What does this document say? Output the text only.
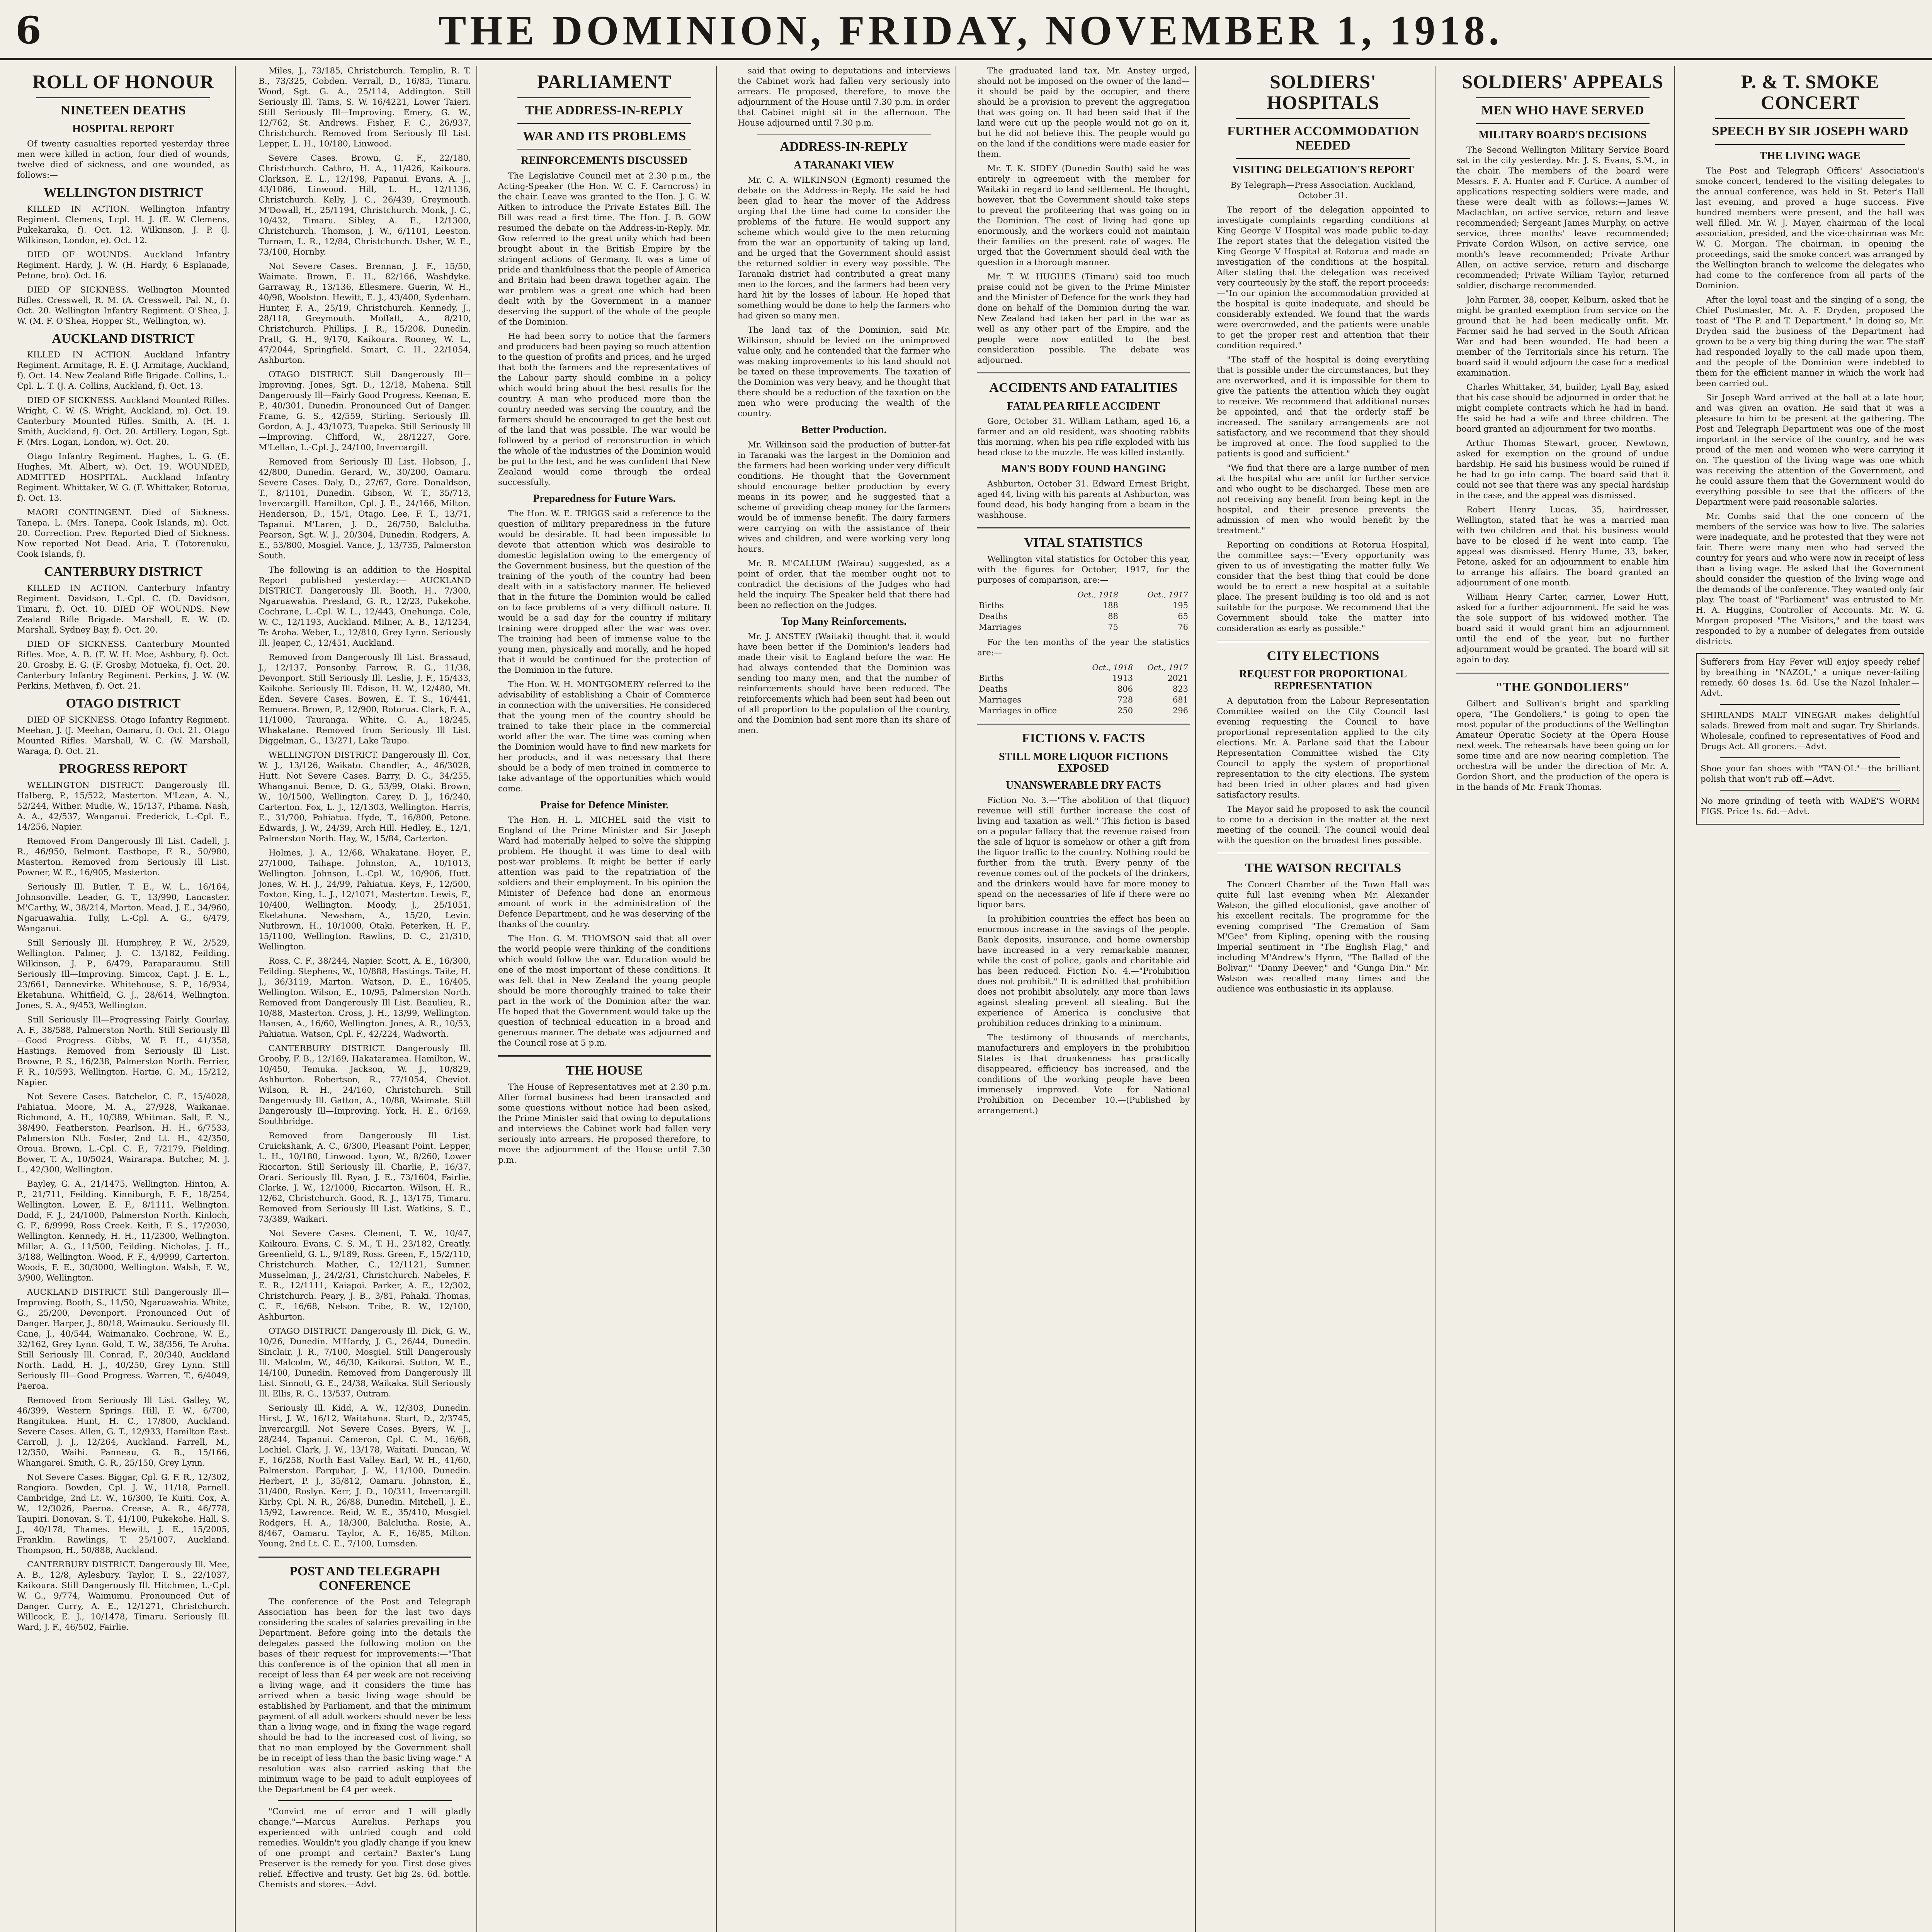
6	THE DOMINION, FRIDAY, NOVEMBER 1, 1918.
ROLL OF HONOUR
NINETEEN DEATHS
HOSPITAL REPORT

Of twenty casualties reported yesterday three men were killed in action, four died of wounds, twelve died of sickness, and one wounded, as follows:—

WELLINGTON DISTRICT

KILLED IN ACTION. Wellington Infantry Regiment. Clemens, Lcpl. H. J. (E. W. Clemens, Pukekaraka, f). Oct. 12. Wilkinson, J. P. (J. Wilkinson, London, e). Oct. 12.

DIED OF WOUNDS. Auckland Infantry Regiment. Hardy, J. W. (H. Hardy, 6 Esplanade, Petone, bro). Oct. 16.

DIED OF SICKNESS. Wellington Mounted Rifles. Cresswell, R. M. (A. Cresswell, Pal. N., f). Oct. 20. Wellington Infantry Regiment. O'Shea, J. W. (M. F. O'Shea, Hopper St., Wellington, w).

AUCKLAND DISTRICT

KILLED IN ACTION. Auckland Infantry Regiment. Armitage, R. E. (J. Armitage, Auckland, f). Oct. 14. New Zealand Rifle Brigade. Collins, L.-Cpl. L. T. (J. A. Collins, Auckland, f). Oct. 13.

DIED OF SICKNESS. Auckland Mounted Rifles. Wright, C. W. (S. Wright, Auckland, m). Oct. 19. Canterbury Mounted Rifles. Smith, A. (H. I. Smith, Auckland, f). Oct. 20. Artillery. Logan, Sgt. F. (Mrs. Logan, London, w). Oct. 20.

Otago Infantry Regiment. Hughes, L. G. (E. Hughes, Mt. Albert, w). Oct. 19. WOUNDED, ADMITTED HOSPITAL. Auckland Infantry Regiment. Whittaker, W. G. (F. Whittaker, Rotorua, f). Oct. 13.

MAORI CONTINGENT. Died of Sickness. Tanepa, L. (Mrs. Tanepa, Cook Islands, m). Oct. 20. Correction. Prev. Reported Died of Sickness. Now reported Not Dead. Aria, T. (Totorenuku, Cook Islands, f).

CANTERBURY DISTRICT

KILLED IN ACTION. Canterbury Infantry Regiment. Davidson, L.-Cpl. C. (D. Davidson, Timaru, f). Oct. 10. DIED OF WOUNDS. New Zealand Rifle Brigade. Marshall, E. W. (D. Marshall, Sydney Bay, f). Oct. 20.

DIED OF SICKNESS. Canterbury Mounted Rifles. Moe, A. B. (F. W. H. Moe, Ashbury, f). Oct. 20. Grosby, E. G. (F. Grosby, Motueka, f). Oct. 20. Canterbury Infantry Regiment. Perkins, J. W. (W. Perkins, Methven, f). Oct. 21.

OTAGO DISTRICT

DIED OF SICKNESS. Otago Infantry Regiment. Meehan, J. (J. Meehan, Oamaru, f). Oct. 21. Otago Mounted Rifles. Marshall, W. C. (W. Marshall, Waraga, f). Oct. 21.

PROGRESS REPORT

WELLINGTON DISTRICT. Dangerously Ill. Halberg, P., 15/522, Masterton. M'Lean, A. N., 52/244, Wither. Mudie, W., 15/137, Pihama. Nash, A. A., 42/537, Wanganui. Frederick, L.-Cpl. F., 14/256, Napier.

Removed From Dangerously Ill List. Cadell, J. R., 46/950, Belmont. Eastbope, F. R., 50/980, Masterton. Removed from Seriously Ill List. Powner, W. E., 16/905, Masterton.

Seriously Ill. Butler, T. E., W. L., 16/164, Johnsonville. Leader, G. T., 13/990, Lancaster. M'Carthy, W., 38/214, Marton. Mead, J. E., 34/960, Ngaruawahia. Tully, L.-Cpl. A. G., 6/479, Wanganui.

Still Seriously Ill. Humphrey, P. W., 2/529, Wellington. Palmer, J. C. 13/182, Feilding. Wilkinson, J. P., 6/479, Paraparaumu. Still Seriously Ill—Improving. Simcox, Capt. J. E. L., 23/661, Dannevirke. Whitehouse, S. P., 16/934, Eketahuna. Whitfield, G. J., 28/614, Wellington. Jones, S. A., 9/453, Wellington.

Still Seriously Ill—Progressing Fairly. Gourlay, A. F., 38/588, Palmerston North. Still Seriously Ill—Good Progress. Gibbs, W. F. H., 41/358, Hastings. Removed from Seriously Ill List. Browne, P. S., 16/238, Palmerston North. Ferrier, F. R., 10/593, Wellington. Hartie, G. M., 15/212, Napier.

Not Severe Cases. Batchelor, C. F., 15/4028, Pahiatua. Moore, M. A., 27/928, Waikanae. Richmond, A. H., 10/389, Whitman. Salt, F. N., 38/490, Featherston. Pearlson, H. H., 6/7533, Palmerston Nth. Foster, 2nd Lt. H., 42/350, Oroua. Brown, L.-Cpl. C. F., 7/2179, Fielding. Bower, T. A., 10/5024, Wairarapa. Butcher, M. J. L., 42/300, Wellington.

Bayley, G. A., 21/1475, Wellington. Hinton, A. P., 21/711, Feilding. Kinniburgh, F. F., 18/254, Wellington. Lower, E. F., 8/1111, Wellington. Dodd, F. J., 24/1000, Palmerston North. Kinloch, G. F., 6/9999, Ross Creek. Keith, F. S., 17/2030, Wellington. Kennedy, H. H., 11/2300, Wellington. Millar, A. G., 11/500, Feilding. Nicholas, J. H., 3/188, Wellington. Wood, F. F., 4/9999, Carterton. Woods, F. E., 30/3000, Wellington. Walsh, F. W., 3/900, Wellington.

AUCKLAND DISTRICT. Still Dangerously Ill—Improving. Booth, S., 11/50, Ngaruawahia. White, G., 25/200, Devonport. Pronounced Out of Danger. Harper, J., 80/18, Waimauku. Seriously Ill. Cane, J., 40/544, Waimanako. Cochrane, W. E., 32/162, Grey Lynn. Gold, T. W., 38/356, Te Aroha. Still Seriously Ill. Conrad, F., 20/340, Auckland North. Ladd, H. J., 40/250, Grey Lynn. Still Seriously Ill—Good Progress. Warren, T., 6/4049, Paeroa.

Removed from Seriously Ill List. Galley, W., 46/399, Western Springs. Hill, F. W., 6/700, Rangitukea. Hunt, H. C., 17/800, Auckland. Severe Cases. Allen, G. T., 12/933, Hamilton East. Carroll, J. J., 12/264, Auckland. Farrell, M., 12/350, Waihi. Panneau, G. B., 15/166, Whangarei. Smith, G. R., 25/150, Grey Lynn.

Not Severe Cases. Biggar, Cpl. G. F. R., 12/302, Rangiora. Bowden, Cpl. J. W., 11/18, Parnell. Cambridge, 2nd Lt. W., 16/300, Te Kuiti. Cox, A. W., 12/3026, Paeroa. Crease, A. R., 46/778, Taupiri. Donovan, S. T., 41/100, Pukekohe. Hall, S. J., 40/178, Thames. Hewitt, J. E., 15/2005, Franklin. Rawlings, T. 25/1007, Auckland. Thompson, H., 50/888, Auckland.

CANTERBURY DISTRICT. Dangerously Ill. Mee, A. B., 12/8, Aylesbury. Taylor, T. S., 22/1037, Kaikoura. Still Dangerously Ill. Hitchmen, L.-Cpl. W. G., 9/774, Waimumu. Pronounced Out of Danger. Curry, A. E., 12/1271, Christchurch. Willcock, E. J., 10/1478, Timaru. Seriously Ill. Ward, J. F., 46/502, Fairlie.

Miles, J., 73/185, Christchurch. Templin, R. T. B., 73/325, Cobden. Verrall, D., 16/85, Timaru. Wood, Sgt. G. A., 25/114, Addington. Still Seriously Ill. Tams, S. W. 16/4221, Lower Taieri. Still Seriously Ill—Improving. Emery, G. W., 12/762, St. Andrews. Fisher, F. C., 26/937, Christchurch. Removed from Seriously Ill List. Lepper, L. H., 10/180, Linwood.

Severe Cases. Brown, G. F., 22/180, Christchurch. Cathro, H. A., 11/426, Kaikoura. Clarkson, E. L., 12/198, Papanui. Evans, A. J., 43/1086, Linwood. Hill, L. H., 12/1136, Christchurch. Kelly, J. C., 26/439, Greymouth. M'Dowall, H., 25/1194, Christchurch. Monk, J. C., 10/432, Timaru. Sibley, A. E., 12/1300, Christchurch. Thomson, J. W., 6/1101, Leeston. Turnam, L. R., 12/84, Christchurch. Usher, W. E., 73/100, Hornby.

Not Severe Cases. Brennan, J. F., 15/50, Waimate. Brown, E. H., 82/166, Washdyke. Garraway, R., 13/136, Ellesmere. Guerin, W. H., 40/98, Woolston. Hewitt, E. J., 43/400, Sydenham. Hunter, F. A., 25/19, Christchurch. Kennedy, J., 28/118, Greymouth. Moffatt, A., 8/210, Christchurch. Phillips, J. R., 15/208, Dunedin. Pratt, G. H., 9/170, Kaikoura. Rooney, W. L., 47/2044, Springfield. Smart, C. H., 22/1054, Ashburton.

OTAGO DISTRICT. Still Dangerously Ill—Improving. Jones, Sgt. D., 12/18, Mahena. Still Dangerously Ill—Fairly Good Progress. Keenan, E. P., 40/301, Dunedin. Pronounced Out of Danger. Frame, G. S., 42/559, Stirling. Seriously Ill. Gordon, A. J., 43/1073, Tuapeka. Still Seriously Ill—Improving. Clifford, W., 28/1227, Gore. M'Lellan, L.-Cpl. J., 24/100, Invercargill.

Removed from Seriously Ill List. Hobson, J., 42/800, Dunedin. Gerard, W., 30/200, Oamaru. Severe Cases. Daly, D., 27/67, Gore. Donaldson, T., 8/1101, Dunedin. Gibson, W. T., 35/713, Invercargill. Hamilton, Cpl. J. E., 24/166, Milton. Henderson, D., 15/1, Otago. Lee, F. T., 13/71, Tapanui. M'Laren, J. D., 26/750, Balclutha. Pearson, Sgt. W. J., 20/304, Dunedin. Rodgers, A. E., 53/800, Mosgiel. Vance, J., 13/735, Palmerston South.

The following is an addition to the Hospital Report published yesterday:— AUCKLAND DISTRICT. Dangerously Ill. Booth, H., 7/300, Ngaruawahia. Presland, G. R., 12/23, Pukekohe. Cochrane, L.-Cpl. W. L., 12/443, Onehunga. Cole, W. C., 12/1193, Auckland. Milner, A. B., 12/1254, Te Aroha. Weber, L., 12/810, Grey Lynn. Seriously Ill. Jeaper, C., 12/451, Auckland.

Removed from Dangerously Ill List. Brassaud, J., 12/137, Ponsonby. Farrow, R. G., 11/38, Devonport. Still Seriously Ill. Leslie, J. F., 15/433, Kaikohe. Seriously Ill. Edison, H. W., 12/480, Mt. Eden. Severe Cases. Bowen, E. T. S., 16/441, Remuera. Brown, P., 12/900, Rotorua. Clark, F. A., 11/1000, Tauranga. White, G. A., 18/245, Whakatane. Removed from Seriously Ill List. Diggelman, G., 13/271, Lake Taupo.

WELLINGTON DISTRICT. Dangerously Ill. Cox, W. J., 13/126, Waikato. Chandler, A., 46/3028, Hutt. Not Severe Cases. Barry, D. G., 34/255, Whanganui. Bence, D. G., 53/99, Otaki. Brown, W., 10/1500, Wellington. Carey, D. J., 16/240, Carterton. Fox, L. J., 12/1303, Wellington. Harris, E., 31/700, Pahiatua. Hyde, T., 16/800, Petone. Edwards, J. W., 24/39, Arch Hill. Hedley, E., 12/1, Palmerston North. Hay, W., 15/84, Carterton.

Holmes, J. A., 12/68, Whakatane. Hoyer, F., 27/1000, Taihape. Johnston, A., 10/1013, Wellington. Johnson, L.-Cpl. W., 10/906, Hutt. Jones, W. H. J., 24/99, Pahiatua. Keys, F., 12/500, Foxton. King, L. J., 12/1071, Masterton. Lewis, F., 10/400, Wellington. Moody, J., 25/1051, Eketahuna. Newsham, A., 15/20, Levin. Nutbrown, H., 10/1000, Otaki. Peterken, H. F., 15/1100, Wellington. Rawlins, D. C., 21/310, Wellington.

Ross, C. F., 38/244, Napier. Scott, A. E., 16/300, Feilding. Stephens, W., 10/888, Hastings. Taite, H. J., 36/3119, Marton. Watson, D. E., 16/405, Wellington. Wilson, E., 10/95, Palmerston North. Removed from Dangerously Ill List. Beaulieu, R., 10/88, Masterton. Cross, J. H., 13/99, Wellington. Hansen, A., 16/60, Wellington. Jones, A. R., 10/53, Pahiatua. Watson, Cpl. F., 42/224, Wadworth.

CANTERBURY DISTRICT. Dangerously Ill. Grooby, F. B., 12/169, Hakataramea. Hamilton, W., 10/450, Temuka. Jackson, W. J., 10/829, Ashburton. Robertson, R., 77/1054, Cheviot. Wilson, R. H., 24/160, Christchurch. Still Dangerously Ill. Gatton, A., 10/88, Waimate. Still Dangerously Ill—Improving. York, H. E., 6/169, Southbridge.

Removed from Dangerously Ill List. Cruickshank, A. C., 6/300, Pleasant Point. Lepper, L. H., 10/180, Linwood. Lyon, W., 8/260, Lower Riccarton. Still Seriously Ill. Charlie, P., 16/37, Orari. Seriously Ill. Ryan, J. E., 73/1604, Fairlie. Clarke, J. W., 12/1000, Riccarton. Wilson, H. R., 12/62, Christchurch. Good, R. J., 13/175, Timaru. Removed from Seriously Ill List. Watkins, S. E., 73/389, Waikari.

Not Severe Cases. Clement, T. W., 10/47, Kaikoura. Evans, C. S. M., T. H., 23/182, Greatly. Greenfield, G. L., 9/189, Ross. Green, F., 15/2/110, Christchurch. Mather, C., 12/1121, Sumner. Musselman, J., 24/2/31, Christchurch. Nabeles, F. E. R., 12/1111, Kaiapoi. Parker, A. E., 12/302, Christchurch. Peary, J. B., 3/81, Pahaki. Thomas, C. F., 16/68, Nelson. Tribe, R. W., 12/100, Ashburton.

OTAGO DISTRICT. Dangerously Ill. Dick, G. W., 10/26, Dunedin. M'Hardy, J. G., 26/44, Dunedin. Sinclair, J. R., 7/100, Mosgiel. Still Dangerously Ill. Malcolm, W., 46/30, Kaikorai. Sutton, W. E., 14/100, Dunedin. Removed from Dangerously Ill List. Sinnott, G. E., 24/38, Waikaka. Still Seriously Ill. Ellis, R. G., 13/537, Outram.

Seriously Ill. Kidd, A. W., 12/303, Dunedin. Hirst, J. W., 16/12, Waitahuna. Sturt, D., 2/3745, Invercargill. Not Severe Cases. Byers, W. J., 28/244, Tapanui. Cameron, Cpl. C. M., 16/68, Lochiel. Clark, J. W., 13/178, Waitati. Duncan, W. F., 16/258, North East Valley. Earl, W. H., 41/60, Palmerston. Farquhar, J. W., 11/100, Dunedin. Herbert, P. J., 35/812, Oamaru. Johnston, E., 31/400, Roslyn. Kerr, J. D., 10/311, Invercargill. Kirby, Cpl. N. R., 26/88, Dunedin. Mitchell, J. E., 15/92, Lawrence. Reid, W. E., 35/410, Mosgiel. Rodgers, H. A., 18/300, Balclutha. Rosie, A., 8/467, Oamaru. Taylor, A. F., 16/85, Milton. Young, 2nd Lt. C. E., 7/100, Lumsden.

POST AND TELEGRAPH CONFERENCE

The conference of the Post and Telegraph Association has been for the last two days considering the scales of salaries prevailing in the Department. Before going into the details the delegates passed the following motion on the bases of their request for improvements:—"That this conference is of the opinion that all men in receipt of less than £4 per week are not receiving a living wage, and it considers the time has arrived when a basic living wage should be established by Parliament, and that the minimum payment of all adult workers should never be less than a living wage, and in fixing the wage regard should be had to the increased cost of living, so that no man employed by the Government shall be in receipt of less than the basic living wage." A resolution was also carried asking that the minimum wage to be paid to adult employees of the Department be £4 per week.

"Convict me of error and I will gladly change."—Marcus Aurelius. Perhaps you experienced with untried cough and cold remedies. Wouldn't you gladly change if you knew of one prompt and certain? Baxter's Lung Preserver is the remedy for you. First dose gives relief. Effective and trusty. Get big 2s. 6d. bottle. Chemists and stores.—Advt.

PARLIAMENT
THE ADDRESS-IN-REPLY
WAR AND ITS PROBLEMS
REINFORCEMENTS DISCUSSED

The Legislative Council met at 2.30 p.m., the Acting-Speaker (the Hon. W. C. F. Carncross) in the chair. Leave was granted to the Hon. J. G. W. Aitken to introduce the Private Estates Bill. The Bill was read a first time. The Hon. J. B. GOW resumed the debate on the Address-in-Reply. Mr. Gow referred to the great unity which had been brought about in the British Empire by the stringent actions of Germany. It was a time of pride and thankfulness that the people of America and Britain had been drawn together again. The war problem was a great one which had been dealt with by the Government in a manner deserving the support of the whole of the people of the Dominion.

He had been sorry to notice that the farmers and producers had been paying so much attention to the question of profits and prices, and he urged that both the farmers and the representatives of the Labour party should combine in a policy which would bring about the best results for the country. A man who produced more than the country needed was serving the country, and the farmers should be encouraged to get the best out of the land that was possible. The war would be followed by a period of reconstruction in which the whole of the industries of the Dominion would be put to the test, and he was confident that New Zealand would come through the ordeal successfully.

Preparedness for Future Wars.

The Hon. W. E. TRIGGS said a reference to the question of military preparedness in the future would be desirable. It had been impossible to devote that attention which was desirable to domestic legislation owing to the emergency of the Government business, but the question of the training of the youth of the country had been dealt with in a satisfactory manner. He believed that in the future the Dominion would be called on to face problems of a very difficult nature. It would be a sad day for the country if military training were dropped after the war was over. The training had been of immense value to the young men, physically and morally, and he hoped that it would be continued for the protection of the Dominion in the future.

The Hon. W. H. MONTGOMERY referred to the advisability of establishing a Chair of Commerce in connection with the universities. He considered that the young men of the country should be trained to take their place in the commercial world after the war. The time was coming when the Dominion would have to find new markets for her products, and it was necessary that there should be a body of men trained in commerce to take advantage of the opportunities which would come.

Praise for Defence Minister.

The Hon. H. L. MICHEL said the visit to England of the Prime Minister and Sir Joseph Ward had materially helped to solve the shipping problem. He thought it was time to deal with post-war problems. It might be better if early attention was paid to the repatriation of the soldiers and their employment. In his opinion the Minister of Defence had done an enormous amount of work in the administration of the Defence Department, and he was deserving of the thanks of the country.

The Hon. G. M. THOMSON said that all over the world people were thinking of the conditions which would follow the war. Education would be one of the most important of these conditions. It was felt that in New Zealand the young people should be more thoroughly trained to take their part in the work of the Dominion after the war. He hoped that the Government would take up the question of technical education in a broad and generous manner. The debate was adjourned and the Council rose at 5 p.m.

THE HOUSE

The House of Representatives met at 2.30 p.m. After formal business had been transacted and some questions without notice had been asked, the Prime Minister said that owing to deputations and interviews the Cabinet work had fallen very seriously into arrears. He proposed therefore, to move the adjournment of the House until 7.30 p.m.

said that owing to deputations and interviews the Cabinet work had fallen very seriously into arrears. He proposed, therefore, to move the adjournment of the House until 7.30 p.m. in order that Cabinet might sit in the afternoon. The House adjourned until 7.30 p.m.

ADDRESS-IN-REPLY
A TARANAKI VIEW

Mr. C. A. WILKINSON (Egmont) resumed the debate on the Address-in-Reply. He said he had been glad to hear the mover of the Address urging that the time had come to consider the problems of the future. He would support any scheme which would give to the men returning from the war an opportunity of taking up land, and he urged that the Government should assist the returned soldier in every way possible. The Taranaki district had contributed a great many men to the forces, and the farmers had been very hard hit by the losses of labour. He hoped that something would be done to help the farmers who had given so many men.

The land tax of the Dominion, said Mr. Wilkinson, should be levied on the unimproved value only, and he contended that the farmer who was making improvements to his land should not be taxed on these improvements. The taxation of the Dominion was very heavy, and he thought that there should be a reduction of the taxation on the men who were producing the wealth of the country.

Better Production.

Mr. Wilkinson said the production of butter-fat in Taranaki was the largest in the Dominion and the farmers had been working under very difficult conditions. He thought that the Government should encourage better production by every means in its power, and he suggested that a scheme of providing cheap money for the farmers would be of immense benefit. The dairy farmers were carrying on with the assistance of their wives and children, and were working very long hours.

Mr. R. M'CALLUM (Wairau) suggested, as a point of order, that the member ought not to contradict the decisions of the Judges who had held the inquiry. The Speaker held that there had been no reflection on the Judges.

Top Many Reinforcements.

Mr. J. ANSTEY (Waitaki) thought that it would have been better if the Dominion's leaders had made their visit to England before the war. He had always contended that the Dominion was sending too many men, and that the number of reinforcements should have been reduced. The reinforcements which had been sent had been out of all proportion to the population of the country, and the Dominion had sent more than its share of men.

The graduated land tax, Mr. Anstey urged, should not be imposed on the owner of the land—it should be paid by the occupier, and there should be a provision to prevent the aggregation that was going on. It had been said that if the land were cut up the people would not go on it, but he did not believe this. The people would go on the land if the conditions were made easier for them.

Mr. T. K. SIDEY (Dunedin South) said he was entirely in agreement with the member for Waitaki in regard to land settlement. He thought, however, that the Government should take steps to prevent the profiteering that was going on in the Dominion. The cost of living had gone up enormously, and the workers could not maintain their families on the present rate of wages. He urged that the Government should deal with the question in a thorough manner.

Mr. T. W. HUGHES (Timaru) said too much praise could not be given to the Prime Minister and the Minister of Defence for the work they had done on behalf of the Dominion during the war. New Zealand had taken her part in the war as well as any other part of the Empire, and the people were now entitled to the best consideration possible. The debate was adjourned.

ACCIDENTS AND FATALITIES
FATAL PEA RIFLE ACCIDENT

Gore, October 31. William Latham, aged 16, a farmer and an old resident, was shooting rabbits this morning, when his pea rifle exploded with his head close to the muzzle. He was killed instantly.

MAN'S BODY FOUND HANGING

Ashburton, October 31. Edward Ernest Bright, aged 44, living with his parents at Ashburton, was found dead, his body hanging from a beam in the washhouse.

VITAL STATISTICS

Wellington vital statistics for October this year, with the figures for October, 1917, for the purposes of comparison, are:—

	Oct., 1918	Oct., 1917
Births	188	195
Deaths	88	65
Marriages	75	76

For the ten months of the year the statistics are:—

	Oct., 1918	Oct., 1917
Births	1913	2021
Deaths	806	823
Marriages	728	681
Marriages in office	250	296
FICTIONS V. FACTS
STILL MORE LIQUOR FICTIONS EXPOSED
UNANSWERABLE DRY FACTS

Fiction No. 3.—"The abolition of that (liquor) revenue will still further increase the cost of living and taxation as well." This fiction is based on a popular fallacy that the revenue raised from the sale of liquor is somehow or other a gift from the liquor traffic to the country. Nothing could be further from the truth. Every penny of the revenue comes out of the pockets of the drinkers, and the drinkers would have far more money to spend on the necessaries of life if there were no liquor bars.

In prohibition countries the effect has been an enormous increase in the savings of the people. Bank deposits, insurance, and home ownership have increased in a very remarkable manner, while the cost of police, gaols and charitable aid has been reduced. Fiction No. 4.—"Prohibition does not prohibit." It is admitted that prohibition does not prohibit absolutely, any more than laws against stealing prevent all stealing. But the experience of America is conclusive that prohibition reduces drinking to a minimum.

The testimony of thousands of merchants, manufacturers and employers in the prohibition States is that drunkenness has practically disappeared, efficiency has increased, and the conditions of the working people have been immensely improved. Vote for National Prohibition on December 10.—(Published by arrangement.)

SOLDIERS' HOSPITALS
FURTHER ACCOMMODATION NEEDED
VISITING DELEGATION'S REPORT

By Telegraph—Press Association. Auckland, October 31.

The report of the delegation appointed to investigate complaints regarding conditions at King George V Hospital was made public to-day. The report states that the delegation visited the King George V Hospital at Rotorua and made an investigation of the conditions at the hospital. After stating that the delegation was received very courteously by the staff, the report proceeds:—"In our opinion the accommodation provided at the hospital is quite inadequate, and should be considerably extended. We found that the wards were overcrowded, and the patients were unable to get the proper rest and attention that their condition required."

"The staff of the hospital is doing everything that is possible under the circumstances, but they are overworked, and it is impossible for them to give the patients the attention which they ought to receive. We recommend that additional nurses be appointed, and that the orderly staff be increased. The sanitary arrangements are not satisfactory, and we recommend that they should be improved at once. The food supplied to the patients is good and sufficient."

"We find that there are a large number of men at the hospital who are unfit for further service and who ought to be discharged. These men are not receiving any benefit from being kept in the hospital, and their presence prevents the admission of men who would benefit by the treatment."

Reporting on conditions at Rotorua Hospital, the committee says:—"Every opportunity was given to us of investigating the matter fully. We consider that the best thing that could be done would be to erect a new hospital at a suitable place. The present building is too old and is not suitable for the purpose. We recommend that the Government should take the matter into consideration as early as possible."

CITY ELECTIONS
REQUEST FOR PROPORTIONAL REPRESENTATION

A deputation from the Labour Representation Committee waited on the City Council last evening requesting the Council to have proportional representation applied to the city elections. Mr. A. Parlane said that the Labour Representation Committee wished the City Council to apply the system of proportional representation to the city elections. The system had been tried in other places and had given satisfactory results.

The Mayor said he proposed to ask the council to come to a decision in the matter at the next meeting of the council. The council would deal with the question on the broadest lines possible.

THE WATSON RECITALS

The Concert Chamber of the Town Hall was quite full last evening when Mr. Alexander Watson, the gifted elocutionist, gave another of his excellent recitals. The programme for the evening comprised "The Cremation of Sam M'Gee" from Kipling, opening with the rousing Imperial sentiment in "The English Flag," and including M'Andrew's Hymn, "The Ballad of the Bolivar," "Danny Deever," and "Gunga Din." Mr. Watson was recalled many times and the audience was enthusiastic in its applause.

SOLDIERS' APPEALS
MEN WHO HAVE SERVED
MILITARY BOARD'S DECISIONS

The Second Wellington Military Service Board sat in the city yesterday. Mr. J. S. Evans, S.M., in the chair. The members of the board were Messrs. F. A. Hunter and F. Curtice. A number of applications respecting soldiers were made, and these were dealt with as follows:—James W. Maclachlan, on active service, return and leave recommended; Sergeant James Murphy, on active service, three months' leave recommended; Private Cordon Wilson, on active service, one month's leave recommended; Private Arthur Allen, on active service, return and discharge recommended; Private William Taylor, returned soldier, discharge recommended.

John Farmer, 38, cooper, Kelburn, asked that he might be granted exemption from service on the ground that he had been medically unfit. Mr. Farmer said he had served in the South African War and had been wounded. He had been a member of the Territorials since his return. The board said it would adjourn the case for a medical examination.

Charles Whittaker, 34, builder, Lyall Bay, asked that his case should be adjourned in order that he might complete contracts which he had in hand. He said he had a wife and three children. The board granted an adjournment for two months.

Arthur Thomas Stewart, grocer, Newtown, asked for exemption on the ground of undue hardship. He said his business would be ruined if he had to go into camp. The board said that it could not see that there was any special hardship in the case, and the appeal was dismissed.

Robert Henry Lucas, 35, hairdresser, Wellington, stated that he was a married man with two children and that his business would have to be closed if he went into camp. The appeal was dismissed. Henry Hume, 33, baker, Petone, asked for an adjournment to enable him to arrange his affairs. The board granted an adjournment of one month.

William Henry Carter, carrier, Lower Hutt, asked for a further adjournment. He said he was the sole support of his widowed mother. The board said it would grant him an adjournment until the end of the year, but no further adjournment would be granted. The board will sit again to-day.

"THE GONDOLIERS"

Gilbert and Sullivan's bright and sparkling opera, "The Gondoliers," is going to open the most popular of the productions of the Wellington Amateur Operatic Society at the Opera House next week. The rehearsals have been going on for some time and are now nearing completion. The orchestra will be under the direction of Mr. A. Gordon Short, and the production of the opera is in the hands of Mr. Frank Thomas.

P. & T. SMOKE CONCERT
SPEECH BY SIR JOSEPH WARD
THE LIVING WAGE

The Post and Telegraph Officers' Association's smoke concert, tendered to the visiting delegates to the annual conference, was held in St. Peter's Hall last evening, and proved a huge success. Five hundred members were present, and the hall was well filled. Mr. W. J. Mayer, chairman of the local association, presided, and the vice-chairman was Mr. W. G. Morgan. The chairman, in opening the proceedings, said the smoke concert was arranged by the Wellington branch to welcome the delegates who had come to the conference from all parts of the Dominion.

After the loyal toast and the singing of a song, the Chief Postmaster, Mr. A. F. Dryden, proposed the toast of "The P. and T. Department." In doing so, Mr. Dryden said the business of the Department had grown to be a very big thing during the war. The staff had responded loyally to the call made upon them, and the people of the Dominion were indebted to them for the efficient manner in which the work had been carried out.

Sir Joseph Ward arrived at the hall at a late hour, and was given an ovation. He said that it was a pleasure to him to be present at the gathering. The Post and Telegraph Department was one of the most important in the service of the country, and he was proud of the men and women who were carrying it on. The question of the living wage was one which was receiving the attention of the Government, and he could assure them that the Government would do everything possible to see that the officers of the Department were paid reasonable salaries.

Mr. Combs said that the one concern of the members of the service was how to live. The salaries were inadequate, and he protested that they were not fair. There were many men who had served the country for years and who were now in receipt of less than a living wage. He asked that the Government should consider the question of the living wage and the demands of the conference. They wanted only fair play. The toast of "Parliament" was entrusted to Mr. H. A. Huggins, Controller of Accounts. Mr. W. G. Morgan proposed "The Visitors," and the toast was responded to by a number of delegates from outside districts.

Sufferers from Hay Fever will enjoy speedy relief by breathing in "NAZOL," a unique never-failing remedy. 60 doses 1s. 6d. Use the Nazol Inhaler.—Advt.

SHIRLANDS MALT VINEGAR makes delightful salads. Brewed from malt and sugar. Try Shirlands. Wholesale, confined to representatives of Food and Drugs Act. All grocers.—Advt.

Shoe your fan shoes with "TAN-OL"—the brilliant polish that won't rub off.—Advt.

No more grinding of teeth with WADE'S WORM FIGS. Price 1s. 6d.—Advt.
